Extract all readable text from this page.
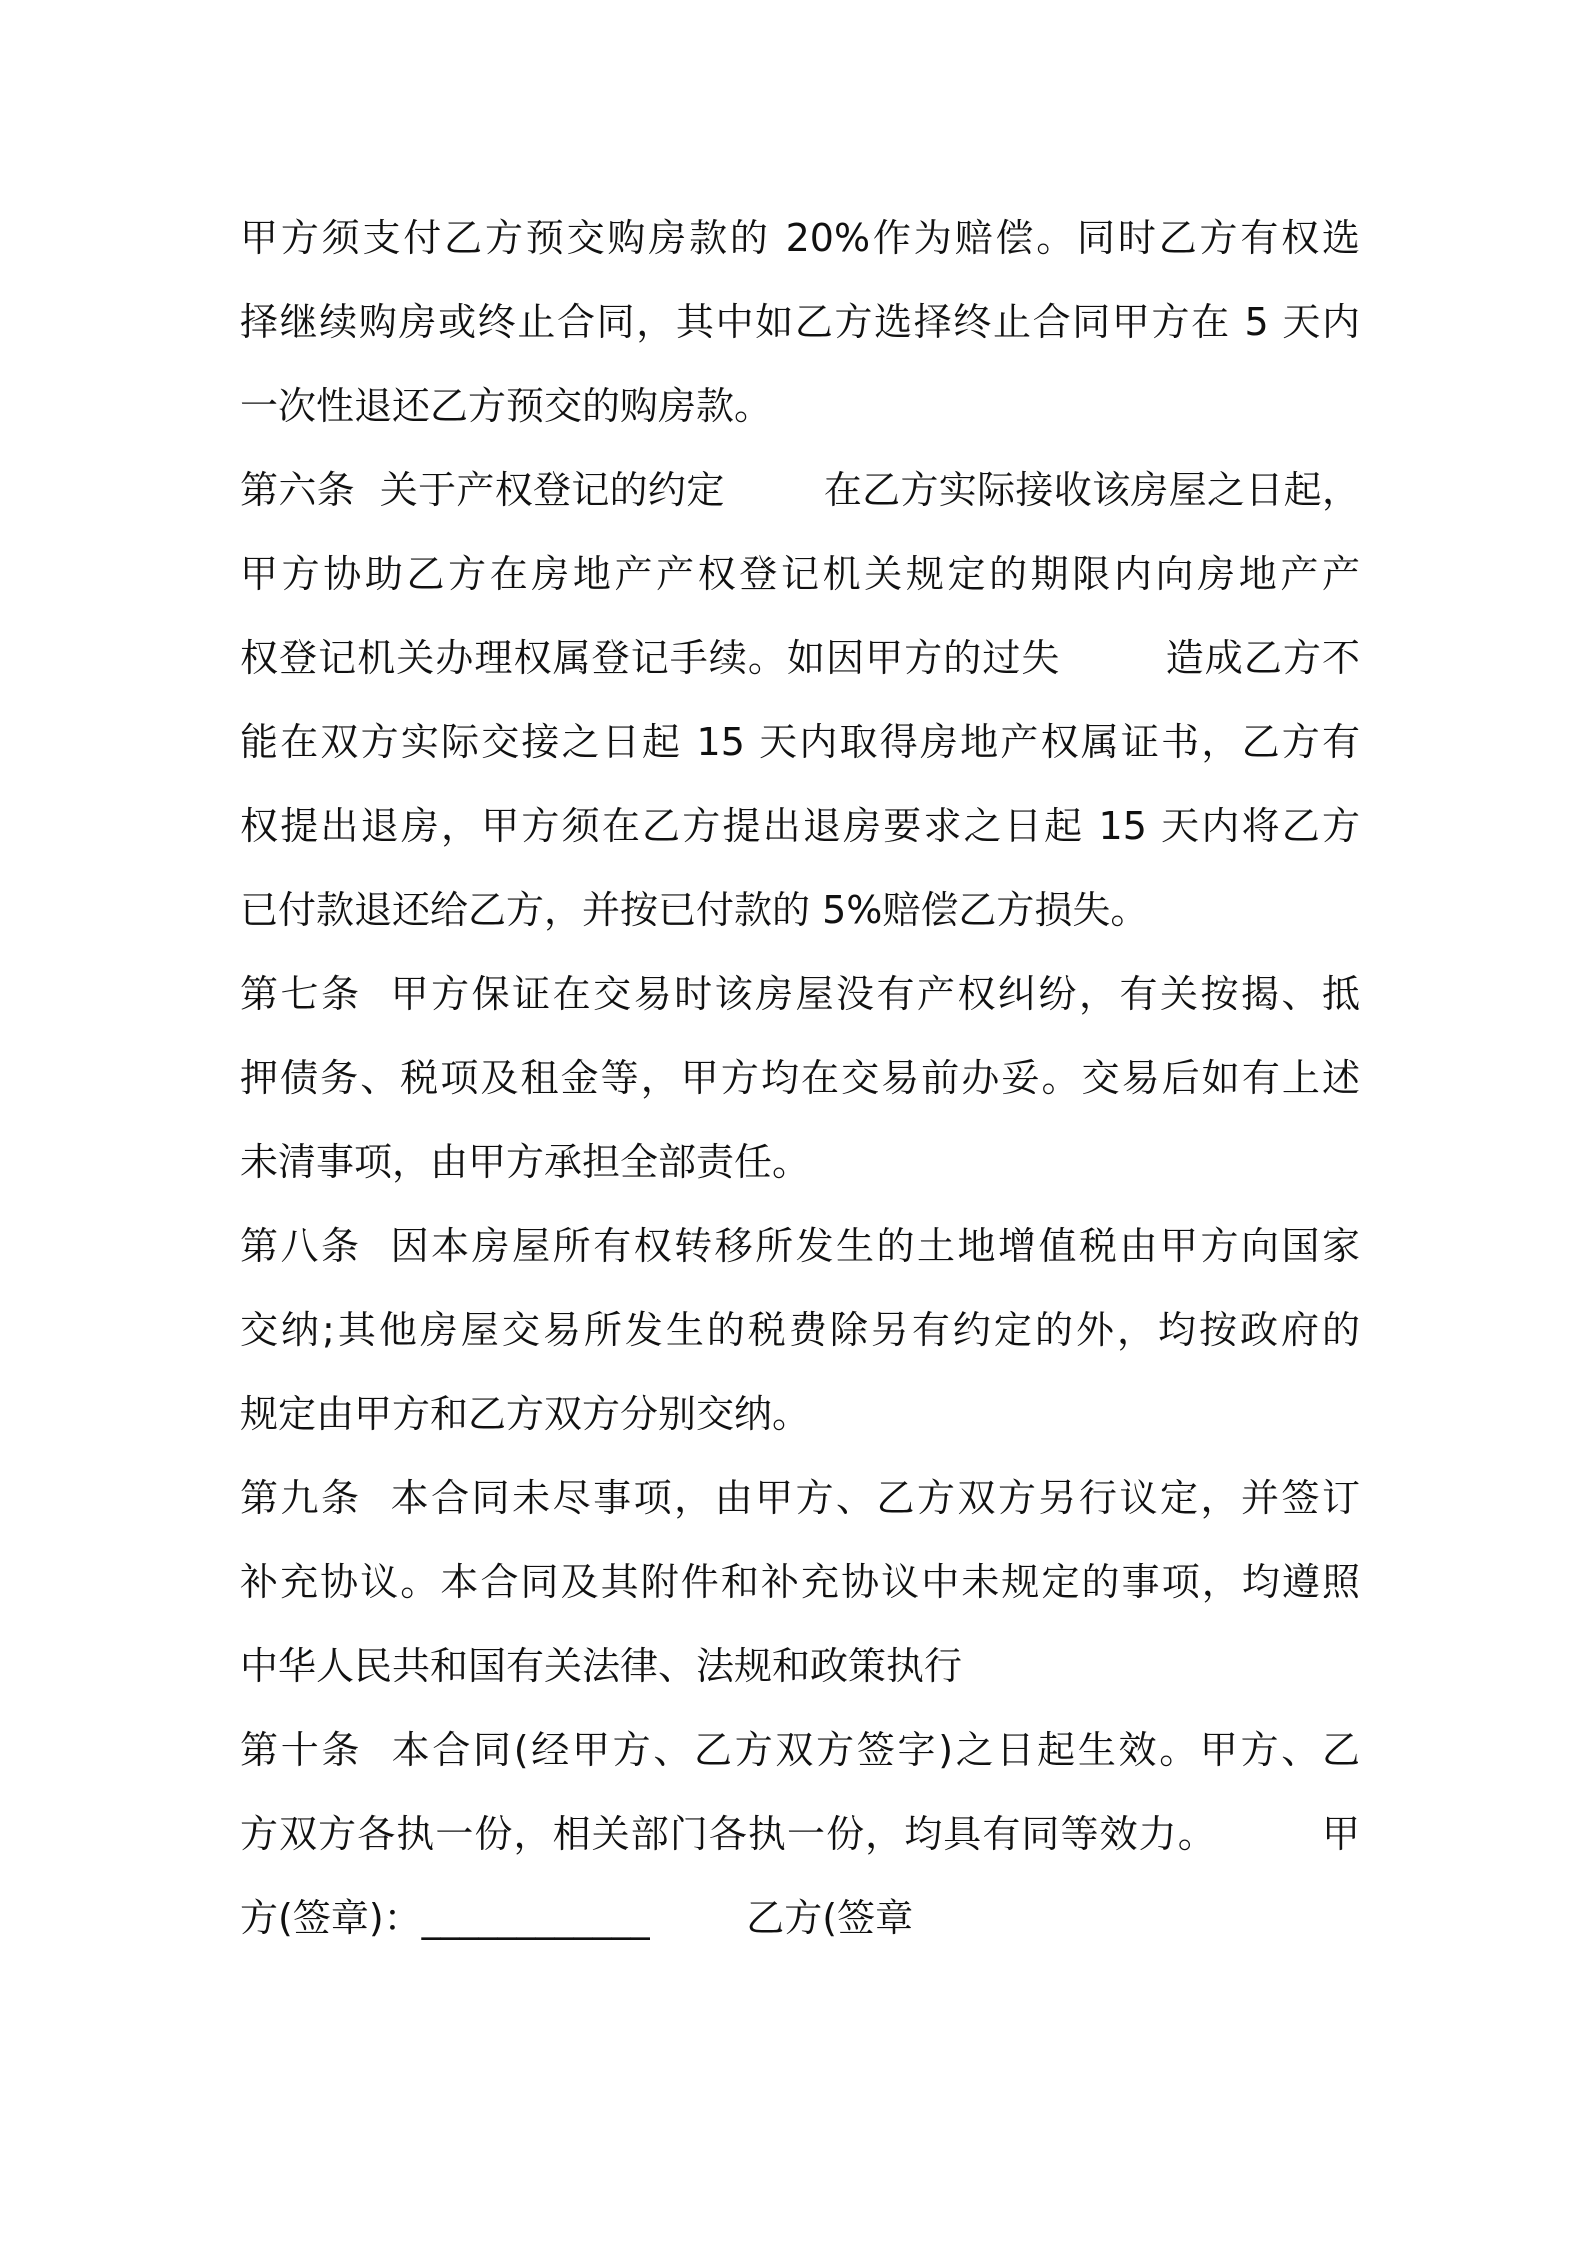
甲方须支付乙方预交购房款的 20%作为赔偿。同时乙方有权选
择继续购房或终止合同，其中如乙方选择终止合同甲方在 5 天内
一次性退还乙方预交的购房款。
第六条  关于产权登记的约定        在乙方实际接收该房屋之日起，
甲方协助乙方在房地产产权登记机关规定的期限内向房地产产
权登记机关办理权属登记手续。如因甲方的过失        造成乙方不
能在双方实际交接之日起 15 天内取得房地产权属证书，乙方有
权提出退房，甲方须在乙方提出退房要求之日起 15 天内将乙方
已付款退还给乙方，并按已付款的 5%赔偿乙方损失。
第七条  甲方保证在交易时该房屋没有产权纠纷，有关按揭、抵
押债务、税项及租金等，甲方均在交易前办妥。交易后如有上述
未清事项，由甲方承担全部责任。
第八条  因本房屋所有权转移所发生的土地增值税由甲方向国家
交纳;其他房屋交易所发生的税费除另有约定的外，均按政府的
规定由甲方和乙方双方分别交纳。
第九条  本合同未尽事项，由甲方、乙方双方另行议定，并签订
补充协议。本合同及其附件和补充协议中未规定的事项，均遵照
中华人民共和国有关法律、法规和政策执行
第十条  本合同(经甲方、乙方双方签字)之日起生效。甲方、乙
方双方各执一份，相关部门各执一份，均具有同等效力。        甲
方(签章)：____________        乙方(签章
